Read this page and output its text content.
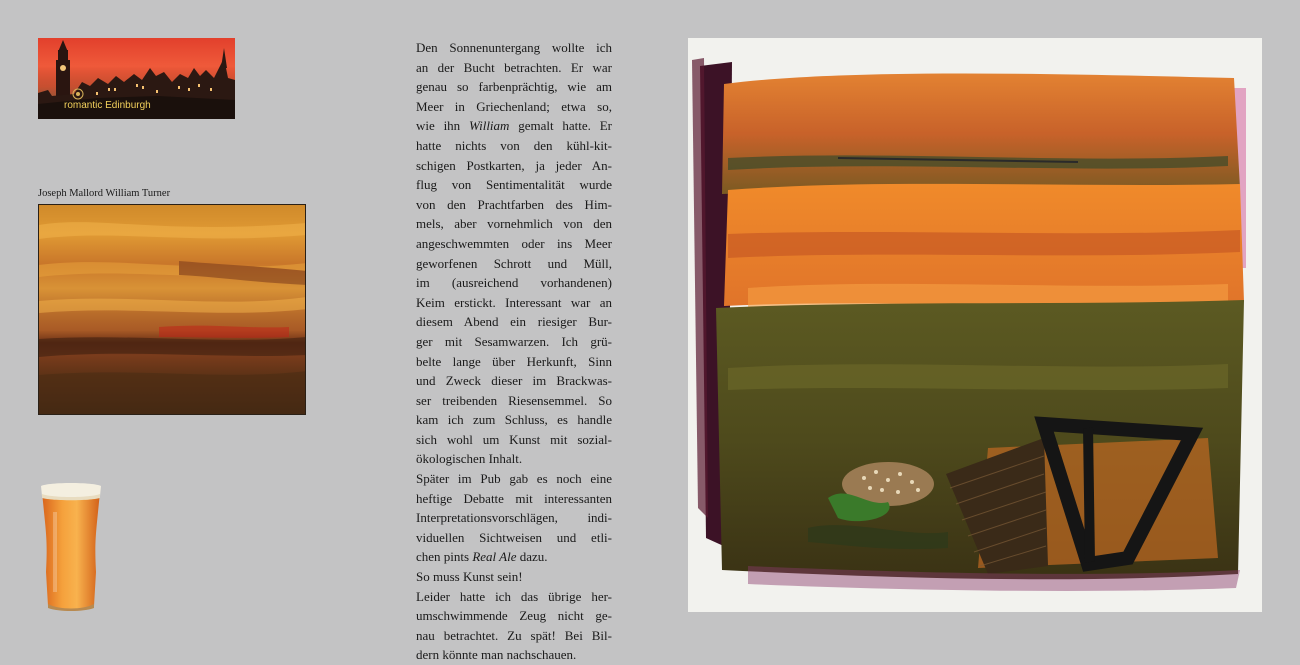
romantic Edinburgh
Joseph Mallord William Turner

Den Sonnenuntergang wollte ich

an der Bucht betrachten. Er war

genau so farbenprächtig, wie am

Meer in Griechenland; etwa so,

wie ihn William gemalt hatte. Er

hatte nichts von den kühl-kit-

schigen Postkarten, ja jeder An-

flug von Sentimentalität wurde

von den Prachtfarben des Him-

mels, aber vornehmlich von den

angeschwemmten oder ins Meer

geworfenen Schrott und Müll,

im (ausreichend vorhandenen)

Keim erstickt. Interessant war an

diesem Abend ein riesiger Bur-

ger mit Sesamwarzen. Ich grü-

belte lange über Herkunft, Sinn

und Zweck dieser im Brackwas-

ser treibenden Riesensemmel. So

kam ich zum Schluss, es handle

sich wohl um Kunst mit sozial-

ökologischen Inhalt.

Später im Pub gab es noch eine

heftige Debatte mit interessanten

Interpretationsvorschlägen, indi-

viduellen Sichtweisen und etli-

chen pints Real Ale dazu.

So muss Kunst sein!

Leider hatte ich das übrige her-

umschwimmende Zeug nicht ge-

nau betrachtet. Zu spät! Bei Bil-

dern könnte man nachschauen.
